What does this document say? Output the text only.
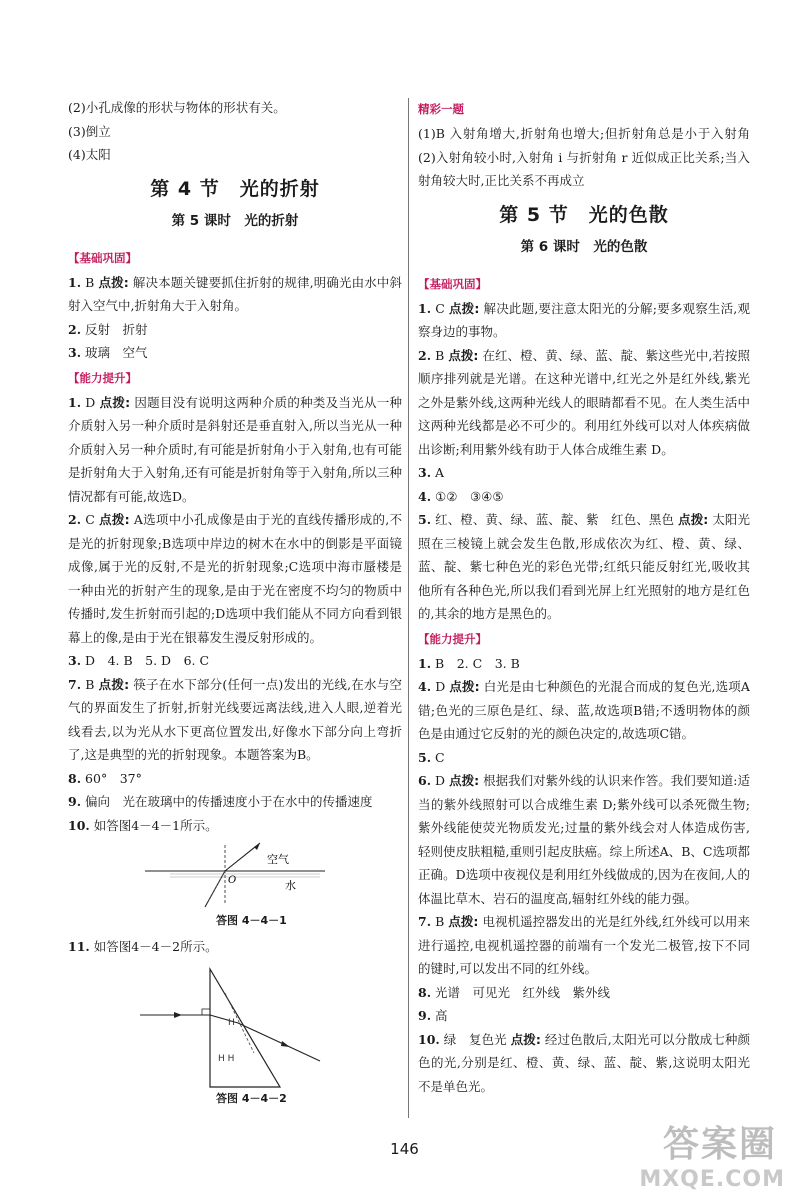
(2)小孔成像的形状与物体的形状有关。
(3)倒立
(4)太阳
第 4 节　光的折射
第 5 课时　光的折射
【基础巩固】
1. B 点拨: 解决本题关键要抓住折射的规律,明确光由水中斜射入空气中,折射角大于入射角。
2. 反射　折射
3. 玻璃　空气
【能力提升】
1. D 点拨: 因题目没有说明这两种介质的种类及当光从一种介质射入另一种介质时是斜射还是垂直射入,所以当光从一种介质射入另一种介质时,有可能是折射角小于入射角,也有可能是折射角大于入射角,还有可能是折射角等于入射角,所以三种情况都有可能,故选D。
2. C 点拨: A选项中小孔成像是由于光的直线传播形成的,不是光的折射现象;B选项中岸边的树木在水中的倒影是平面镜成像,属于光的反射,不是光的折射现象;C选项中海市蜃楼是一种由光的折射产生的现象,是由于光在密度不均匀的物质中传播时,发生折射而引起的;D选项中我们能从不同方向看到银幕上的像,是由于光在银幕发生漫反射形成的。
3. D　4. B　5. D　6. C
7. B 点拨: 筷子在水下部分(任何一点)发出的光线,在水与空气的界面发生了折射,折射光线要远离法线,进入人眼,逆着光线看去,以为光从水下更高位置发出,好像水下部分向上弯折了,这是典型的光的折射现象。本题答案为B。
8. 60°　37°
9. 偏向　光在玻璃中的传播速度小于在水中的传播速度
10. 如答图4－4－1所示。
空气
水
O
答图 4－4－1
11. 如答图4－4－2所示。
H
H H
答图 4－4－2
精彩一题
(1)B 入射角增大,折射角也增大;但折射角总是小于入射角　(2)入射角较小时,入射角 i 与折射角 r 近似成正比关系;当入射角较大时,正比关系不再成立
第 5 节　光的色散
第 6 课时　光的色散
【基础巩固】
1. C 点拨: 解决此题,要注意太阳光的分解;要多观察生活,观察身边的事物。
2. B 点拨: 在红、橙、黄、绿、蓝、靛、紫这些光中,若按照顺序排列就是光谱。在这种光谱中,红光之外是红外线,紫光之外是紫外线,这两种光线人的眼睛都看不见。在人类生活中这两种光线都是必不可少的。利用红外线可以对人体疾病做出诊断;利用紫外线有助于人体合成维生素 D。
3. A
4. ①②　③④⑤
5. 红、橙、黄、绿、蓝、靛、紫　红色、黑色 点拨: 太阳光照在三棱镜上就会发生色散,形成依次为红、橙、黄、绿、蓝、靛、紫七种色光的彩色光带;红纸只能反射红光,吸收其他所有各种色光,所以我们看到光屏上红光照射的地方是红色的,其余的地方是黑色的。
【能力提升】
1. B　2. C　3. B
4. D 点拨: 白光是由七种颜色的光混合而成的复色光,选项A错;色光的三原色是红、绿、蓝,故选项B错;不透明物体的颜色是由通过它反射的光的颜色决定的,故选项C错。
5. C
6. D 点拨: 根据我们对紫外线的认识来作答。我们要知道:适当的紫外线照射可以合成维生素 D;紫外线可以杀死微生物;紫外线能使荧光物质发光;过量的紫外线会对人体造成伤害,轻则使皮肤粗糙,重则引起皮肤癌。综上所述A、B、C选项都正确。D选项中夜视仪是利用红外线做成的,因为在夜间,人的体温比草木、岩石的温度高,辐射红外线的能力强。
7. B 点拨: 电视机遥控器发出的光是红外线,红外线可以用来进行遥控,电视机遥控器的前端有一个发光二极管,按下不同的键时,可以发出不同的红外线。
8. 光谱　可见光　红外线　紫外线
9. 高
10. 绿　复色光 点拨: 经过色散后,太阳光可以分散成七种颜色的光,分别是红、橙、黄、绿、蓝、靛、紫,这说明太阳光不是单色光。
146	答案圈
MXQE.COM
